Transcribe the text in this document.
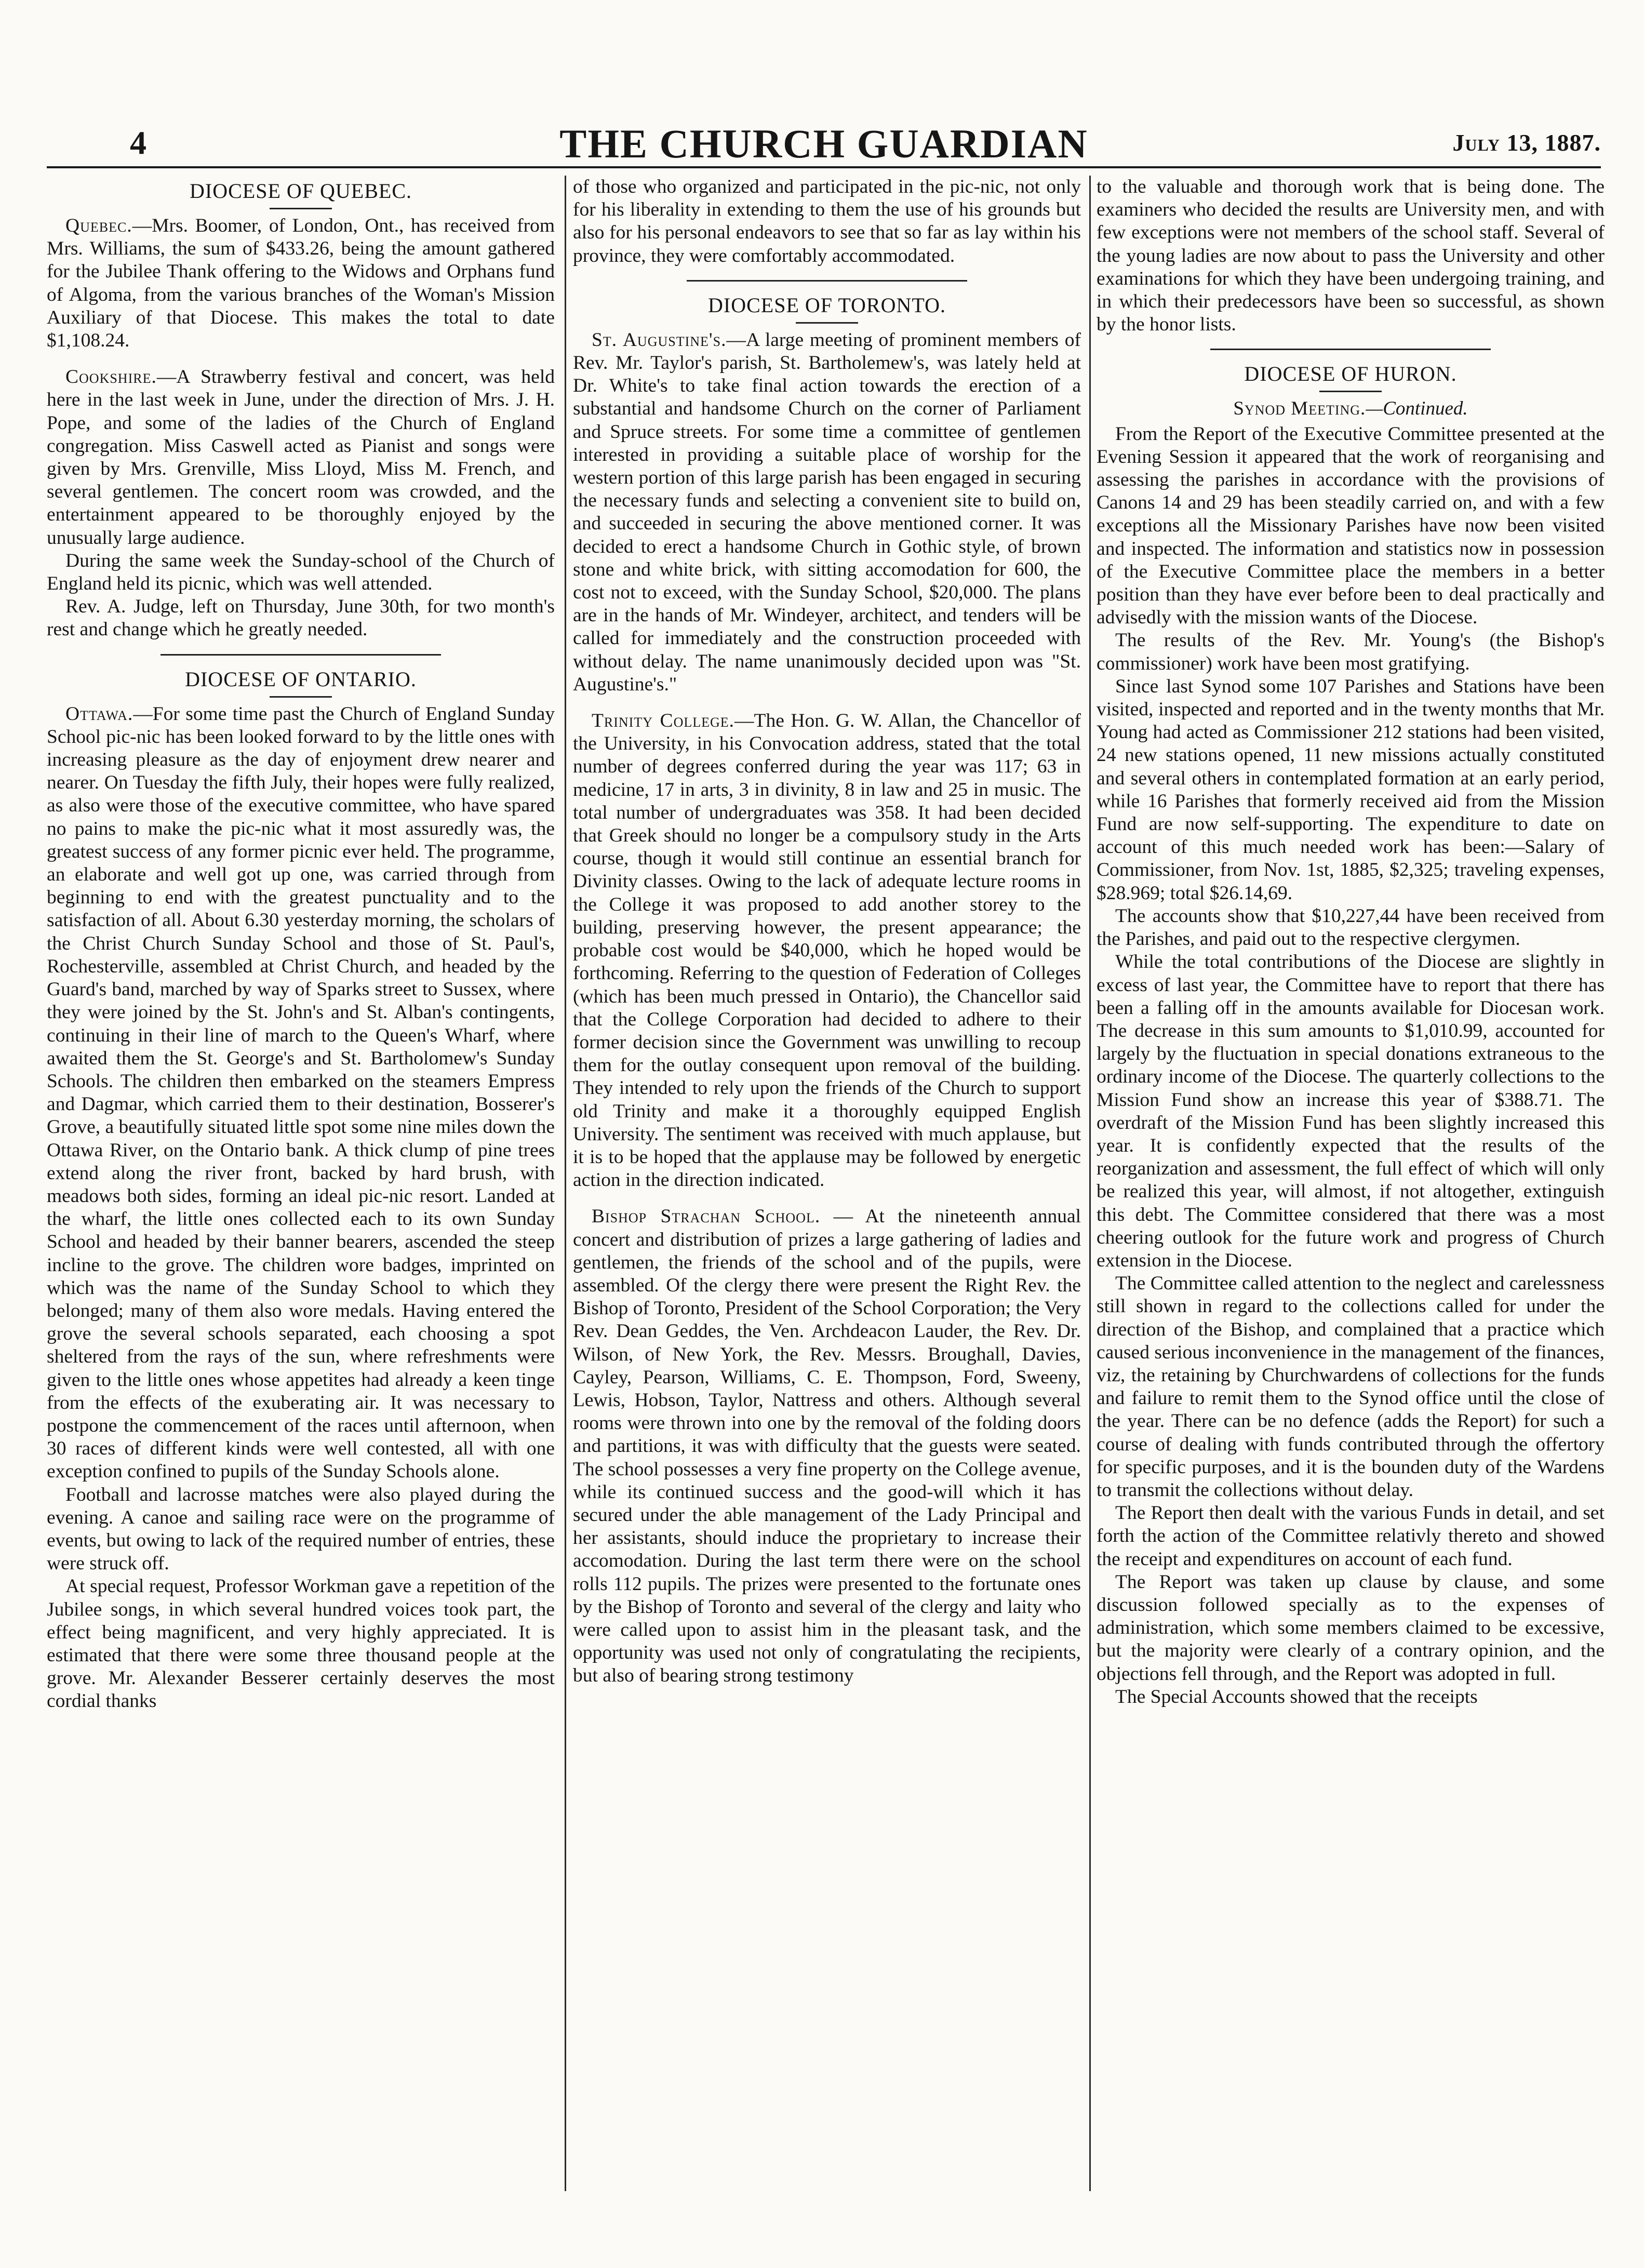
4	THE CHURCH GUARDIAN	July 13, 1887.
DIOCESE OF QUEBEC.

Quebec.—Mrs. Boomer, of London, Ont., has received from Mrs. Williams, the sum of $433.26, being the amount gathered for the Jubilee Thank offering to the Widows and Orphans fund of Algoma, from the various branches of the Woman's Mission Auxiliary of that Diocese. This makes the total to date $1,108.24.

Cookshire.—A Strawberry festival and concert, was held here in the last week in June, under the direction of Mrs. J. H. Pope, and some of the ladies of the Church of England congregation. Miss Caswell acted as Pianist and songs were given by Mrs. Grenville, Miss Lloyd, Miss M. French, and several gentlemen. The concert room was crowded, and the entertainment appeared to be thoroughly enjoyed by the unusually large audience.

During the same week the Sunday-school of the Church of England held its picnic, which was well attended.

Rev. A. Judge, left on Thursday, June 30th, for two month's rest and change which he greatly needed.

DIOCESE OF ONTARIO.

Ottawa.—For some time past the Church of England Sunday School pic-nic has been looked forward to by the little ones with increasing pleasure as the day of enjoyment drew nearer and nearer. On Tuesday the fifth July, their hopes were fully realized, as also were those of the executive committee, who have spared no pains to make the pic-nic what it most assuredly was, the greatest success of any former picnic ever held. The programme, an elaborate and well got up one, was carried through from beginning to end with the greatest punctuality and to the satisfaction of all. About 6.30 yesterday morning, the scholars of the Christ Church Sunday School and those of St. Paul's, Rochesterville, assembled at Christ Church, and headed by the Guard's band, marched by way of Sparks street to Sussex, where they were joined by the St. John's and St. Alban's contingents, continuing in their line of march to the Queen's Wharf, where awaited them the St. George's and St. Bartholomew's Sunday Schools. The children then embarked on the steamers Empress and Dagmar, which carried them to their destination, Bosserer's Grove, a beautifully situated little spot some nine miles down the Ottawa River, on the Ontario bank. A thick clump of pine trees extend along the river front, backed by hard brush, with meadows both sides, forming an ideal pic-nic resort. Landed at the wharf, the little ones collected each to its own Sunday School and headed by their banner bearers, ascended the steep incline to the grove. The children wore badges, imprinted on which was the name of the Sunday School to which they belonged; many of them also wore medals. Having entered the grove the several schools separated, each choosing a spot sheltered from the rays of the sun, where refreshments were given to the little ones whose appetites had already a keen tinge from the effects of the exuberating air. It was necessary to postpone the commencement of the races until afternoon, when 30 races of different kinds were well contested, all with one exception confined to pupils of the Sunday Schools alone.

Football and lacrosse matches were also played during the evening. A canoe and sailing race were on the programme of events, but owing to lack of the required number of entries, these were struck off.

At special request, Professor Workman gave a repetition of the Jubilee songs, in which several hundred voices took part, the effect being magnificent, and very highly appreciated. It is estimated that there were some three thousand people at the grove. Mr. Alexander Besserer certainly deserves the most cordial thanks

of those who organized and participated in the pic-nic, not only for his liberality in extending to them the use of his grounds but also for his personal endeavors to see that so far as lay within his province, they were comfortably accommodated.

DIOCESE OF TORONTO.

St. Augustine's.—A large meeting of prominent members of Rev. Mr. Taylor's parish, St. Bartholemew's, was lately held at Dr. White's to take final action towards the erection of a substantial and handsome Church on the corner of Parliament and Spruce streets. For some time a committee of gentlemen interested in providing a suitable place of worship for the western portion of this large parish has been engaged in securing the necessary funds and selecting a convenient site to build on, and succeeded in securing the above mentioned corner. It was decided to erect a handsome Church in Gothic style, of brown stone and white brick, with sitting accomodation for 600, the cost not to exceed, with the Sunday School, $20,000. The plans are in the hands of Mr. Windeyer, architect, and tenders will be called for immediately and the construction proceeded with without delay. The name unanimously decided upon was "St. Augustine's."

Trinity College.—The Hon. G. W. Allan, the Chancellor of the University, in his Convocation address, stated that the total number of degrees conferred during the year was 117; 63 in medicine, 17 in arts, 3 in divinity, 8 in law and 25 in music. The total number of undergraduates was 358. It had been decided that Greek should no longer be a compulsory study in the Arts course, though it would still continue an essential branch for Divinity classes. Owing to the lack of adequate lecture rooms in the College it was proposed to add another storey to the building, preserving however, the present appearance; the probable cost would be $40,000, which he hoped would be forthcoming. Referring to the question of Federation of Colleges (which has been much pressed in Ontario), the Chancellor said that the College Corporation had decided to adhere to their former decision since the Government was unwilling to recoup them for the outlay consequent upon removal of the building. They intended to rely upon the friends of the Church to support old Trinity and make it a thoroughly equipped English University. The sentiment was received with much applause, but it is to be hoped that the applause may be followed by energetic action in the direction indicated.

Bishop Strachan School. — At the nineteenth annual concert and distribution of prizes a large gathering of ladies and gentlemen, the friends of the school and of the pupils, were assembled. Of the clergy there were present the Right Rev. the Bishop of Toronto, President of the School Corporation; the Very Rev. Dean Geddes, the Ven. Archdeacon Lauder, the Rev. Dr. Wilson, of New York, the Rev. Messrs. Broughall, Davies, Cayley, Pearson, Williams, C. E. Thompson, Ford, Sweeny, Lewis, Hobson, Taylor, Nattress and others. Although several rooms were thrown into one by the removal of the folding doors and partitions, it was with difficulty that the guests were seated. The school possesses a very fine property on the College avenue, while its continued success and the good-will which it has secured under the able management of the Lady Principal and her assistants, should induce the proprietary to increase their accomodation. During the last term there were on the school rolls 112 pupils. The prizes were presented to the fortunate ones by the Bishop of Toronto and several of the clergy and laity who were called upon to assist him in the pleasant task, and the opportunity was used not only of congratulating the recipients, but also of bearing strong testimony

to the valuable and thorough work that is being done. The examiners who decided the results are University men, and with few exceptions were not members of the school staff. Several of the young ladies are now about to pass the University and other examinations for which they have been undergoing training, and in which their predecessors have been so successful, as shown by the honor lists.

DIOCESE OF HURON.
Synod Meeting.—Continued.

From the Report of the Executive Committee presented at the Evening Session it appeared that the work of reorganising and assessing the parishes in accordance with the provisions of Canons 14 and 29 has been steadily carried on, and with a few exceptions all the Missionary Parishes have now been visited and inspected. The information and statistics now in possession of the Executive Committee place the members in a better position than they have ever before been to deal practically and advisedly with the mission wants of the Diocese.

The results of the Rev. Mr. Young's (the Bishop's commissioner) work have been most gratifying.

Since last Synod some 107 Parishes and Stations have been visited, inspected and reported and in the twenty months that Mr. Young had acted as Commissioner 212 stations had been visited, 24 new stations opened, 11 new missions actually constituted and several others in contemplated formation at an early period, while 16 Parishes that formerly received aid from the Mission Fund are now self-supporting. The expenditure to date on account of this much needed work has been:—Salary of Commissioner, from Nov. 1st, 1885, $2,325; traveling expenses, $28.969; total $26.14,69.

The accounts show that $10,227,44 have been received from the Parishes, and paid out to the respective clergymen.

While the total contributions of the Diocese are slightly in excess of last year, the Committee have to report that there has been a falling off in the amounts available for Diocesan work. The decrease in this sum amounts to $1,010.99, accounted for largely by the fluctuation in special donations extraneous to the ordinary income of the Diocese. The quarterly collections to the Mission Fund show an increase this year of $388.71. The overdraft of the Mission Fund has been slightly increased this year. It is confidently expected that the results of the reorganization and assessment, the full effect of which will only be realized this year, will almost, if not altogether, extinguish this debt. The Committee considered that there was a most cheering outlook for the future work and progress of Church extension in the Diocese.

The Committee called attention to the neglect and carelessness still shown in regard to the collections called for under the direction of the Bishop, and complained that a practice which caused serious inconvenience in the management of the finances, viz, the retaining by Churchwardens of collections for the funds and failure to remit them to the Synod office until the close of the year. There can be no defence (adds the Report) for such a course of dealing with funds contributed through the offertory for specific purposes, and it is the bounden duty of the Wardens to transmit the collections without delay.

The Report then dealt with the various Funds in detail, and set forth the action of the Committee relativly thereto and showed the receipt and expenditures on account of each fund.

The Report was taken up clause by clause, and some discussion followed specially as to the expenses of administration, which some members claimed to be excessive, but the majority were clearly of a contrary opinion, and the objections fell through, and the Report was adopted in full.

The Special Accounts showed that the receipts
